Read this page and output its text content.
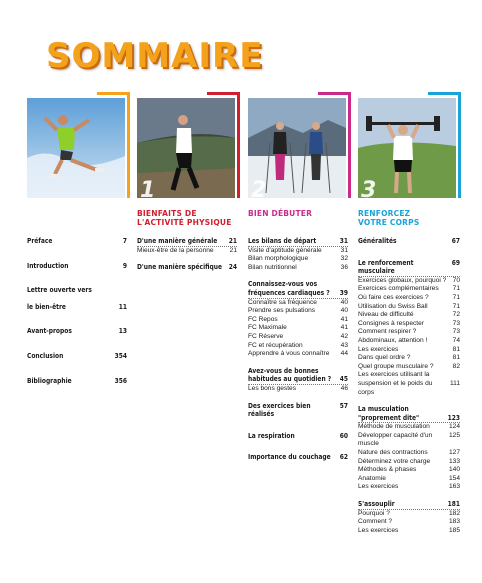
SOMMAIRE
1	2	3
BIENFAITS DE
L'ACTIVITÉ PHYSIQUE
BIEN DÉBUTER	RENFORCEZ
VOTRE CORPS
Préface	7
Introduction	9
Lettre ouverte vers
le bien-être	11
Avant-propos	13
Conclusion	354
Bibliographie	356
D'une manière générale	21
Mieux-être de la personne	21
D'une manière spécifique	24
Les bilans de départ	31
Visite d'aptitude générale	31
Bilan morphologique	32
Bilan nutritionnel	36
Connaissez-vous vos
fréquences cardiaques ?	39
Connaître sa fréquence	40
Prendre ses pulsations	40
FC Repos	41
FC Maximale	41
FC Réserve	42
FC et récupération	43
Apprendre à vous connaître	44
Avez-vous de bonnes
habitudes au quotidien ?	45
Les bons gestes	46
Des exercices bien réalisés
57
La respiration	60
Importance du couchage	62
Généralités	67
Le renforcement musculaire
69
Exercices globaux, pourquoi ? 70
Exercices complémentaires	71
Où faire ces exercices ?	71
Utilisation du Swiss Ball	71
Niveau de difficulté	72
Consignes à respecter	73
Comment respirer ?	73
Abdominaux, attention !	74
Les exercices	81
Dans quel ordre ?	81
Quel groupe musculaire ?	82
Les exercices utilisant la
suspension et le poids du corps
111
La musculation
"proprement dite"	123
Méthode de musculation	124
Développer capacité d'un muscle
125
Nature des contractions	127
Déterminez votre charge	133
Méthodes & phases	140
Anatomie	154
Les exercices	163
S'assouplir	181
Pourquoi ?	182
Comment ?	183
Les exercices	185
